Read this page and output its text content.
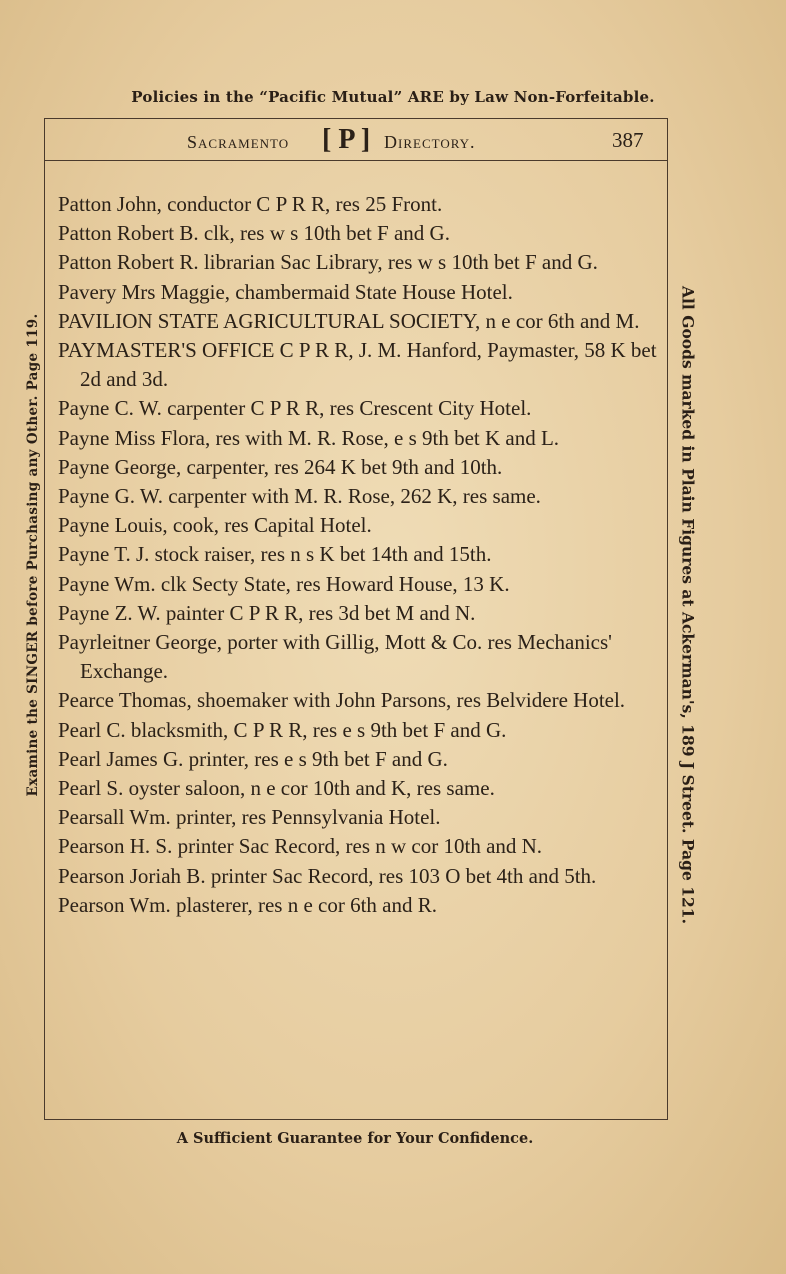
Policies in the “Pacific Mutual” ARE by Law Non-Forfeitable.
Examine the SINGER before Purchasing any Other. Page 119.	All Goods marked in Plain Figures at Ackerman's, 189 J Street. Page 121.
Sacramento [ P ] Directory.	387
Patton John, conductor C P R R, res 25 Front.
Patton Robert B. clk, res w s 10th bet F and G.
Patton Robert R. librarian Sac Library, res w s 10th bet F and G.
Pavery Mrs Maggie, chambermaid State House Hotel.
PAVILION STATE AGRICULTURAL SOCIETY, n e cor 6th and M.
PAYMASTER'S OFFICE C P R R, J. M. Hanford, Paymaster, 58 K bet 2d and 3d.
Payne C. W. carpenter C P R R, res Crescent City Hotel.
Payne Miss Flora, res with M. R. Rose, e s 9th bet K and L.
Payne George, carpenter, res 264 K bet 9th and 10th.
Payne G. W. carpenter with M. R. Rose, 262 K, res same.
Payne Louis, cook, res Capital Hotel.
Payne T. J. stock raiser, res n s K bet 14th and 15th.
Payne Wm. clk Secty State, res Howard House, 13 K.
Payne Z. W. painter C P R R, res 3d bet M and N.
Payrleitner George, porter with Gillig, Mott & Co. res Mechanics' Exchange.
Pearce Thomas, shoemaker with John Parsons, res Belvidere Hotel.
Pearl C. blacksmith, C P R R, res e s 9th bet F and G.
Pearl James G. printer, res e s 9th bet F and G.
Pearl S. oyster saloon, n e cor 10th and K, res same.
Pearsall Wm. printer, res Pennsylvania Hotel.
Pearson H. S. printer Sac Record, res n w cor 10th and N.
Pearson Joriah B. printer Sac Record, res 103 O bet 4th and 5th.
Pearson Wm. plasterer, res n e cor 6th and R.
A Sufficient Guarantee for Your Confidence.
